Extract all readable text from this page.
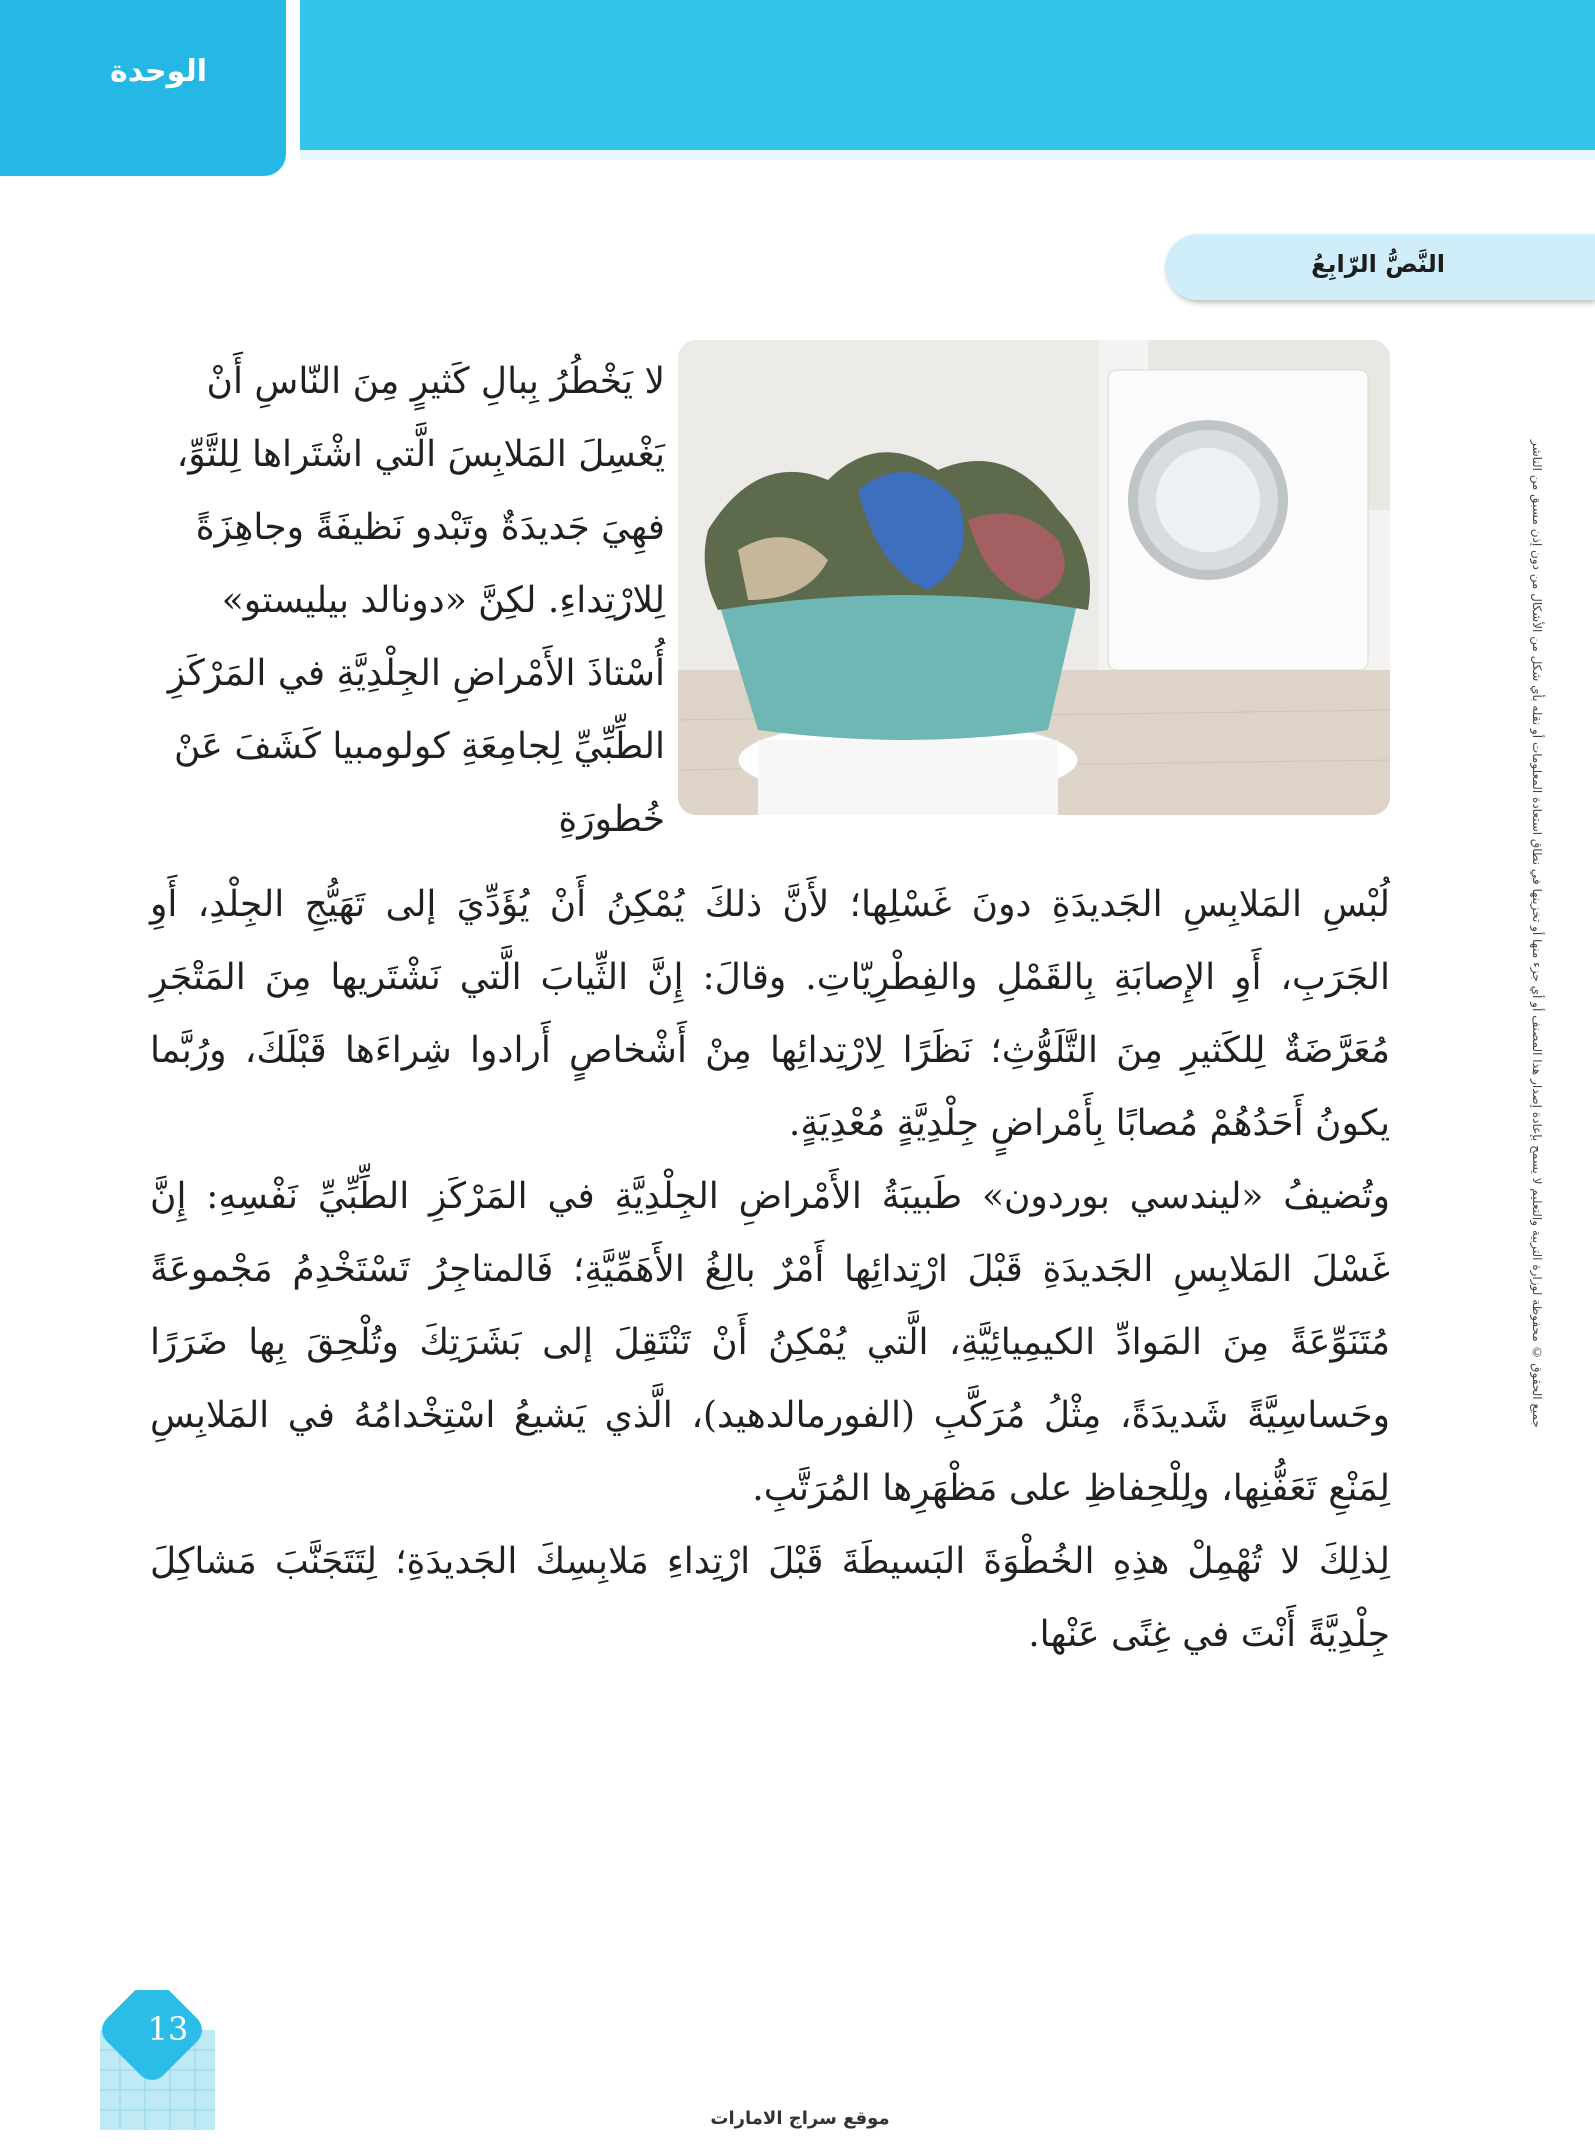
الوحدة
النَّصُّ الرّابِعُ
لا يَخْطُرُ بِبالِ كَثيرٍ مِنَ النّاسِ أَنْ يَغْسِلَ المَلابِسَ الَّتي اشْتَراها لِلتَّوِّ، فهِيَ جَديدَةٌ وتَبْدو نَظيفَةً وجاهِزَةً لِلارْتِداءِ. لكِنَّ «دونالد بيليستو» أُسْتاذَ الأَمْراضِ الجِلْدِيَّةِ في المَرْكَزِ الطِّبِّيِّ لِجامِعَةِ كولومبيا كَشَفَ عَنْ خُطورَةِ

لُبْسِ المَلابِسِ الجَديدَةِ دونَ غَسْلِها؛ لأَنَّ ذلكَ يُمْكِنُ أَنْ يُؤَدِّيَ إلى تَهَيُّجِ الجِلْدِ، أَوِ الجَرَبِ، أَوِ الإِصابَةِ بِالقَمْلِ والفِطْرِيّاتِ. وقالَ: إِنَّ الثِّيابَ الَّتي نَشْتَريها مِنَ المَتْجَرِ مُعَرَّضَةٌ لِلكَثيرِ مِنَ التَّلَوُّثِ؛ نَظَرًا لِارْتِدائِها مِنْ أَشْخاصٍ أَرادوا شِراءَها قَبْلَكَ، ورُبَّما يكونُ أَحَدُهُمْ مُصابًا بِأَمْراضٍ جِلْدِيَّةٍ مُعْدِيَةٍ.

وتُضيفُ «ليندسي بوردون» طَبيبَةُ الأَمْراضِ الجِلْدِيَّةِ في المَرْكَزِ الطِّبِّيِّ نَفْسِهِ: إِنَّ غَسْلَ المَلابِسِ الجَديدَةِ قَبْلَ ارْتِدائِها أَمْرٌ بالِغُ الأَهَمِّيَّةِ؛ فَالمتاجِرُ تَسْتَخْدِمُ مَجْموعَةً مُتَنَوِّعَةً مِنَ المَوادِّ الكيمِيائِيَّةِ، الَّتي يُمْكِنُ أَنْ تَنْتَقِلَ إلى بَشَرَتِكَ وتُلْحِقَ بِها ضَرَرًا وحَساسِيَّةً شَديدَةً، مِثْلُ مُرَكَّبِ (الفورمالدهيد)، الَّذي يَشيعُ اسْتِخْدامُهُ في المَلابِسِ لِمَنْعِ تَعَفُّنِها، ولِلْحِفاظِ على مَظْهَرِها المُرَتَّبِ.

لِذلِكَ لا تُهْمِلْ هذِهِ الخُطْوَةَ البَسيطَةَ قَبْلَ ارْتِداءِ مَلابِسِكَ الجَديدَةِ؛ لِتَتَجَنَّبَ مَشاكِلَ جِلْدِيَّةً أَنْتَ في غِنًى عَنْها.

جميع الحقوق © محفوظة لوزارة التربية والتعليم لا يسمح بإعادة إصدار هذا المصنف أو أي جزء منها أو تخزينها في نطاق استعادة المعلومات أو نقله بأي شكل من الأشكال من دون إذن مسبق من الناشر
13
موقع سراج الامارات
